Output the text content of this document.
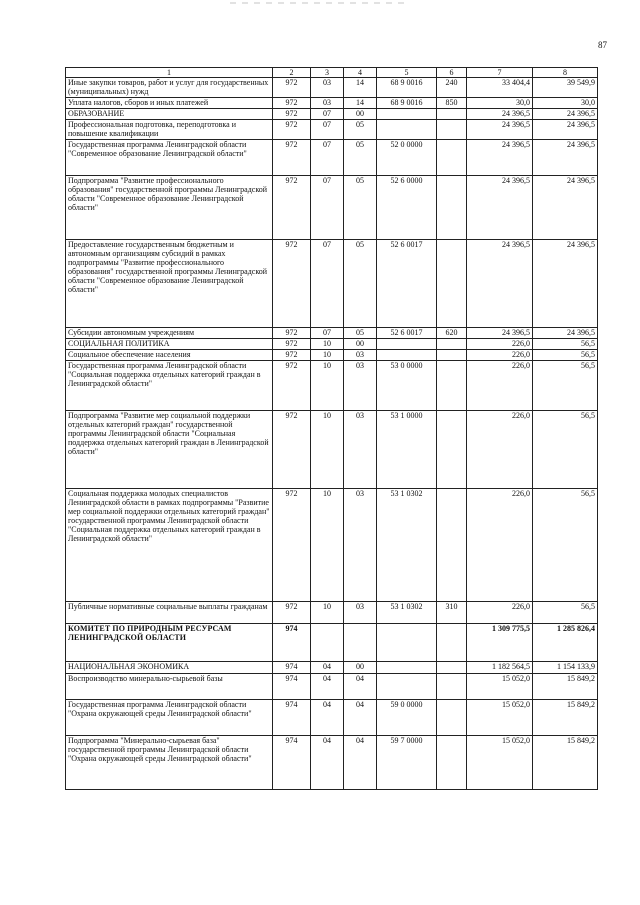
87
1	2	3	4	5	6	7	8
Иные закупки товаров, работ и услуг для государственных (муниципальных) нужд	972	03	14	68 9 0016	240	33 404,4	39 549,9
Уплата налогов, сборов и иных платежей	972	03	14	68 9 0016	850	30,0	30,0
ОБРАЗОВАНИЕ	972	07	00			24 396,5	24 396,5
Профессиональная подготовка, переподготовка и повышение квалификации	972	07	05			24 396,5	24 396,5
Государственная программа Ленинградской области "Современное образование Ленинградской области"	972	07	05	52 0 0000		24 396,5	24 396,5
Подпрограмма "Развитие профессионального образования" государственной программы Ленинградской области "Современное образование Ленинградской области"	972	07	05	52 6 0000		24 396,5	24 396,5
Предоставление государственным бюджетным и автономным организациям субсидий в рамках подпрограммы "Развитие профессионального образования" государственной программы Ленинградской области "Современное образование Ленинградской области"	972	07	05	52 6 0017		24 396,5	24 396,5
Субсидии автономным учреждениям	972	07	05	52 6 0017	620	24 396,5	24 396,5
СОЦИАЛЬНАЯ ПОЛИТИКА	972	10	00			226,0	56,5
Социальное обеспечение населения	972	10	03			226,0	56,5
Государственная программа Ленинградской области "Социальная поддержка отдельных категорий граждан в Ленинградской области"	972	10	03	53 0 0000		226,0	56,5
Подпрограмма "Развитие мер социальной поддержки отдельных категорий граждан" государственной программы Ленинградской области "Социальная поддержка отдельных категорий граждан в Ленинградской области"	972	10	03	53 1 0000		226,0	56,5
Социальная поддержка молодых специалистов Ленинградской области в рамках подпрограммы "Развитие мер социальной поддержки отдельных категорий граждан" государственной программы Ленинградской области "Социальная поддержка отдельных категорий граждан в Ленинградской области"	972	10	03	53 1 0302		226,0	56,5
Публичные нормативные социальные выплаты гражданам	972	10	03	53 1 0302	310	226,0	56,5
КОМИТЕТ ПО ПРИРОДНЫМ РЕСУРСАМ ЛЕНИНГРАДСКОЙ ОБЛАСТИ	974					1 309 775,5	1 285 826,4
НАЦИОНАЛЬНАЯ ЭКОНОМИКА	974	04	00			1 182 564,5	1 154 133,9
Воспроизводство минерально-сырьевой базы	974	04	04			15 052,0	15 849,2
Государственная программа Ленинградской области "Охрана окружающей среды Ленинградской области"	974	04	04	59 0 0000		15 052,0	15 849,2
Подпрограмма "Минерально-сырьевая база" государственной программы Ленинградской области "Охрана окружающей среды Ленинградской области"	974	04	04	59 7 0000		15 052,0	15 849,2
